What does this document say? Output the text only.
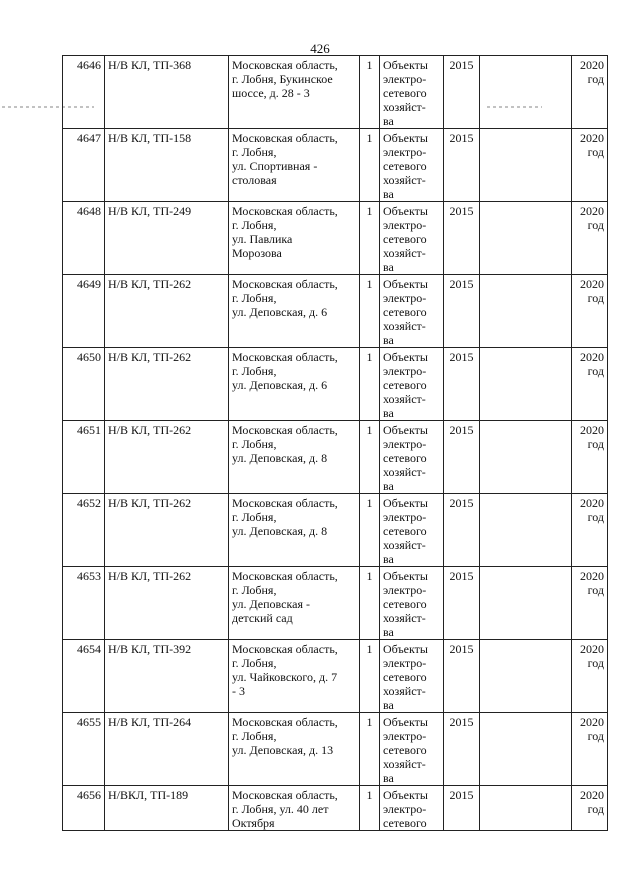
426
4646	Н/В КЛ, ТП-368	Московская область,
г. Лобня, Букинское
шоссе, д. 28 - 3	1	Объекты
электро-
сетевого
хозяйст-
ва	2015		2020
год
4647	Н/В КЛ, ТП-158	Московская область,
г. Лобня,
ул. Спортивная -
столовая	1	Объекты
электро-
сетевого
хозяйст-
ва	2015		2020
год
4648	Н/В КЛ, ТП-249	Московская область,
г. Лобня,
ул. Павлика
Морозова	1	Объекты
электро-
сетевого
хозяйст-
ва	2015		2020
год
4649	Н/В КЛ, ТП-262	Московская область,
г. Лобня,
ул. Деповская, д. 6	1	Объекты
электро-
сетевого
хозяйст-
ва	2015		2020
год
4650	Н/В КЛ, ТП-262	Московская область,
г. Лобня,
ул. Деповская, д. 6	1	Объекты
электро-
сетевого
хозяйст-
ва	2015		2020
год
4651	Н/В КЛ, ТП-262	Московская область,
г. Лобня,
ул. Деповская, д. 8	1	Объекты
электро-
сетевого
хозяйст-
ва	2015		2020
год
4652	Н/В КЛ, ТП-262	Московская область,
г. Лобня,
ул. Деповская, д. 8	1	Объекты
электро-
сетевого
хозяйст-
ва	2015		2020
год
4653	Н/В КЛ, ТП-262	Московская область,
г. Лобня,
ул. Деповская -
детский сад	1	Объекты
электро-
сетевого
хозяйст-
ва	2015		2020
год
4654	Н/В КЛ, ТП-392	Московская область,
г. Лобня,
ул. Чайковского, д. 7
- 3	1	Объекты
электро-
сетевого
хозяйст-
ва	2015		2020
год
4655	Н/В КЛ, ТП-264	Московская область,
г. Лобня,
ул. Деповская, д. 13	1	Объекты
электро-
сетевого
хозяйст-
ва	2015		2020
год
4656	Н/ВКЛ, ТП-189	Московская область,
г. Лобня, ул. 40 лет
Октября	1	Объекты
электро-
сетевого	2015		2020
год
